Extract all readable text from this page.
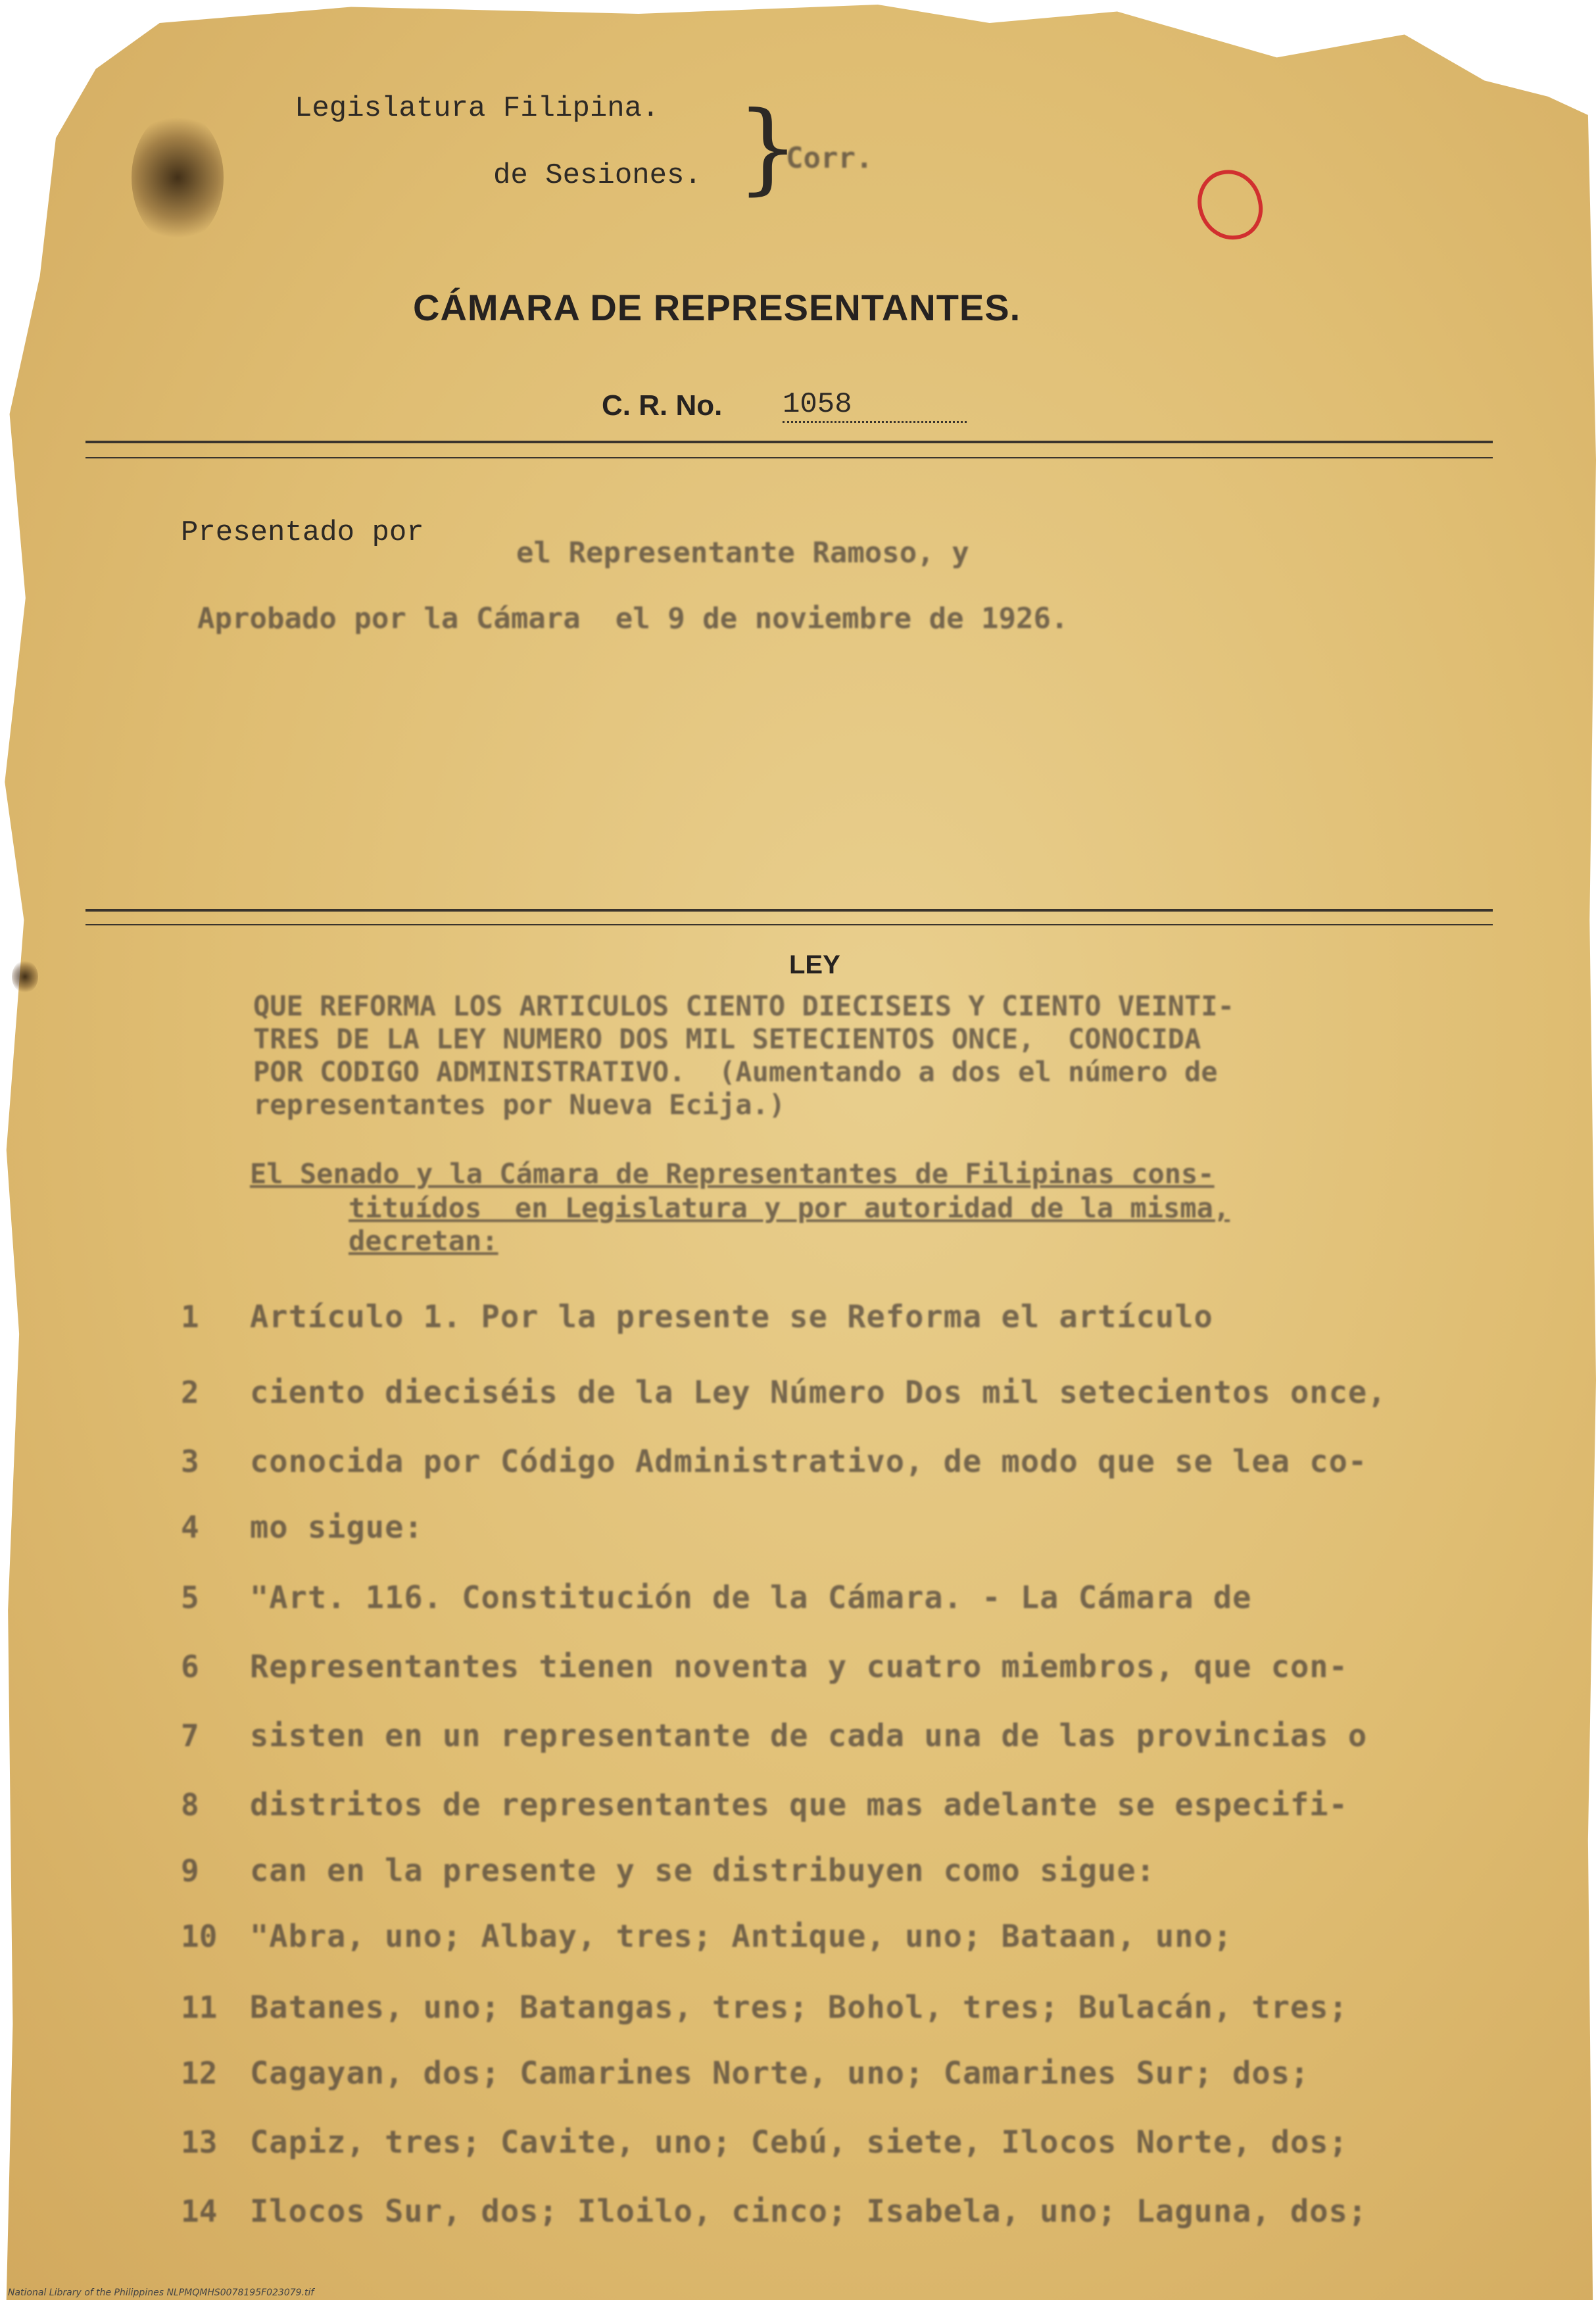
Legislatura Filipina.
de Sesiones. }
Corr.
CÁMARA DE REPRESENTANTES.
C. R. No. 1058
Presentado por
el Representante Ramoso, y
Aprobado por la Cámara  el 9 de noviembre de 1926.
LEY
QUE REFORMA LOS ARTICULOS CIENTO DIECISEIS Y CIENTO VEINTI-
TRES DE LA LEY NUMERO DOS MIL SETECIENTOS ONCE,  CONOCIDA
POR CODIGO ADMINISTRATIVO.  (Aumentando a dos el número de
representantes por Nueva Ecija.)
El Senado y la Cámara de Representantes de Filipinas cons-
tituídos  en Legislatura y por autoridad de la misma,
decretan:
1	Artículo 1. Por la presente se Reforma el artículo
2	ciento dieciséis de la Ley Número Dos mil setecientos once,
3	conocida por Código Administrativo, de modo que se lea co-
4	mo sigue:
5	"Art. 116. Constitución de la Cámara. - La Cámara de
6	Representantes tienen noventa y cuatro miembros, que con-
7	sisten en un representante de cada una de las provincias o
8	distritos de representantes que mas adelante se especifi-
9	can en la presente y se distribuyen como sigue:
10	"Abra, uno; Albay, tres; Antique, uno; Bataan, uno;
11	Batanes, uno; Batangas, tres; Bohol, tres; Bulacán, tres;
12	Cagayan, dos; Camarines Norte, uno; Camarines Sur; dos;
13	Capiz, tres; Cavite, uno; Cebú, siete, Ilocos Norte, dos;
14	Ilocos Sur, dos; Iloilo, cinco; Isabela, uno; Laguna, dos;
National Library of the Philippines NLPMQMHS0078195F023079.tif
